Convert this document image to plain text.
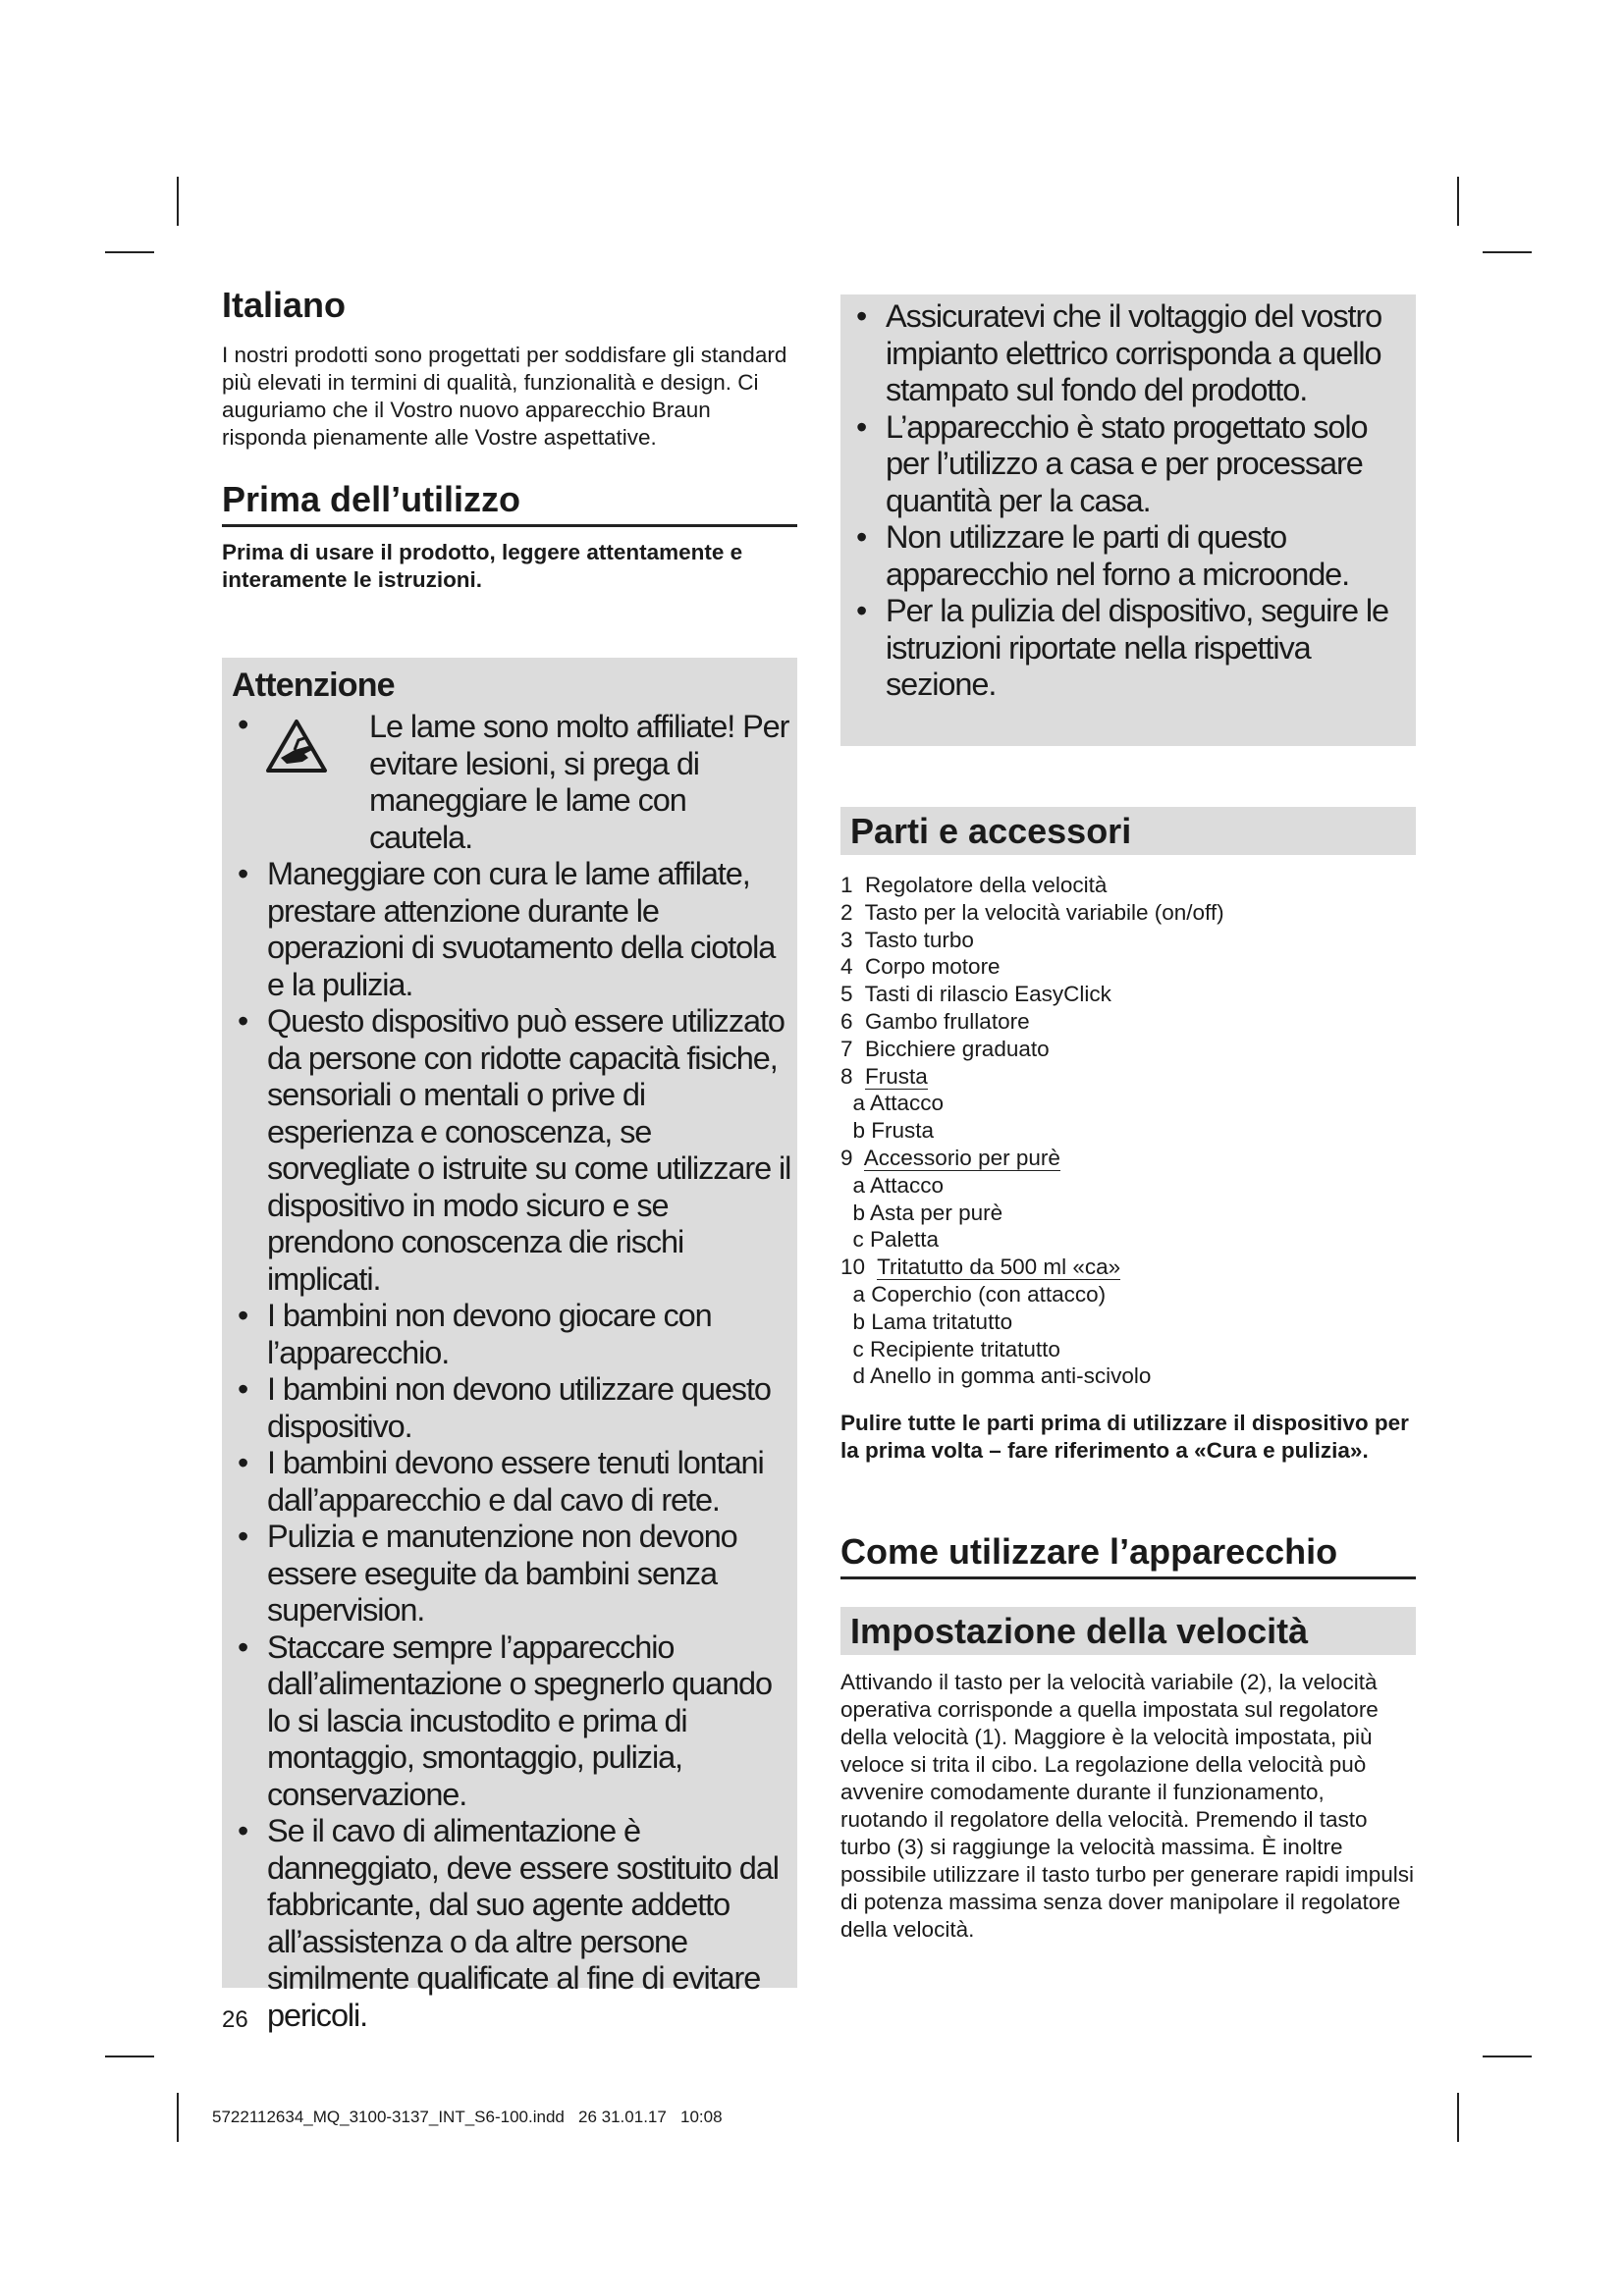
Italiano

I nostri prodotti sono progettati per soddisfare gli standard più elevati in termini di qualità, funzionalità e design. Ci auguriamo che il Vostro nuovo apparecchio Braun risponda pienamente alle Vostre aspettative.

Prima dell’utilizzo

Prima di usare il prodotto, leggere attentamente e interamente le istruzioni.

Attenzione
•	Le lame sono molto affiliate! Per evitare lesioni, si prega di maneggiare le lame con cautela.
• Maneggiare con cura le lame affilate, prestare attenzione durante le operazioni di svuotamento della ciotola e la pulizia.
• Questo dispositivo può essere utilizzato da persone con ridotte capacità fisiche, sensoriali o mentali o prive di esperienza e conoscenza, se sorvegliate o istruite su come utilizzare il dispositivo in modo sicuro e se prendono conoscenza die rischi implicati.
• I bambini non devono giocare con l’apparecchio.
• I bambini non devono utilizzare questo dispositivo.
• I bambini devono essere tenuti lontani dall’apparecchio e dal cavo di rete.
• Pulizia e manutenzione non devono essere eseguite da bambini senza supervision.
• Staccare sempre l’apparecchio dall’alimentazione o spegnerlo quando lo si lascia incustodito e prima di montaggio, smontaggio, pulizia, conservazione.
• Se il cavo di alimentazione è danneggiato, deve essere sostituito dal fabbricante, dal suo agente addetto all’assistenza o da altre persone similmente qualificate al fine di evitare pericoli.
26
5722112634_MQ_3100-3137_INT_S6-100.indd   26 31.01.17   10:08
• Assicuratevi che il voltaggio del vostro impianto elettrico corrisponda a quello stampato sul fondo del prodotto.
• L’apparecchio è stato progettato solo per l’utilizzo a casa e per processare quantità per la casa.
• Non utilizzare le parti di questo apparecchio nel forno a microonde.
• Per la pulizia del dispositivo, seguire le istruzioni riportate nella rispettiva sezione.
Parti e accessori
1  Regolatore della velocità
2  Tasto per la velocità variabile (on/off)
3  Tasto turbo
4  Corpo motore
5  Tasti di rilascio EasyClick
6  Gambo frullatore
7  Bicchiere graduato
8  Frusta
a Attacco
b Frusta
9  Accessorio per purè
a Attacco
b Asta per purè
c Paletta
10  Tritatutto da 500 ml «ca»
a Coperchio (con attacco)
b Lama tritatutto
c Recipiente tritatutto
d Anello in gomma anti-scivolo

Pulire tutte le parti prima di utilizzare il dispositivo per la prima volta – fare riferimento a «Cura e pulizia».

Come utilizzare l’apparecchio
Impostazione della velocità

Attivando il tasto per la velocità variabile (2), la velocità operativa corrisponde a quella impostata sul regolatore della velocità (1). Maggiore è la velocità impostata, più veloce si trita il cibo. La regolazione della velocità può avvenire comodamente durante il funzionamento, ruotando il regolatore della velocità. Premendo il tasto turbo (3) si raggiunge la velocità massima. È inoltre possibile utilizzare il tasto turbo per generare rapidi impulsi di potenza massima senza dover manipolare il regolatore della velocità.
